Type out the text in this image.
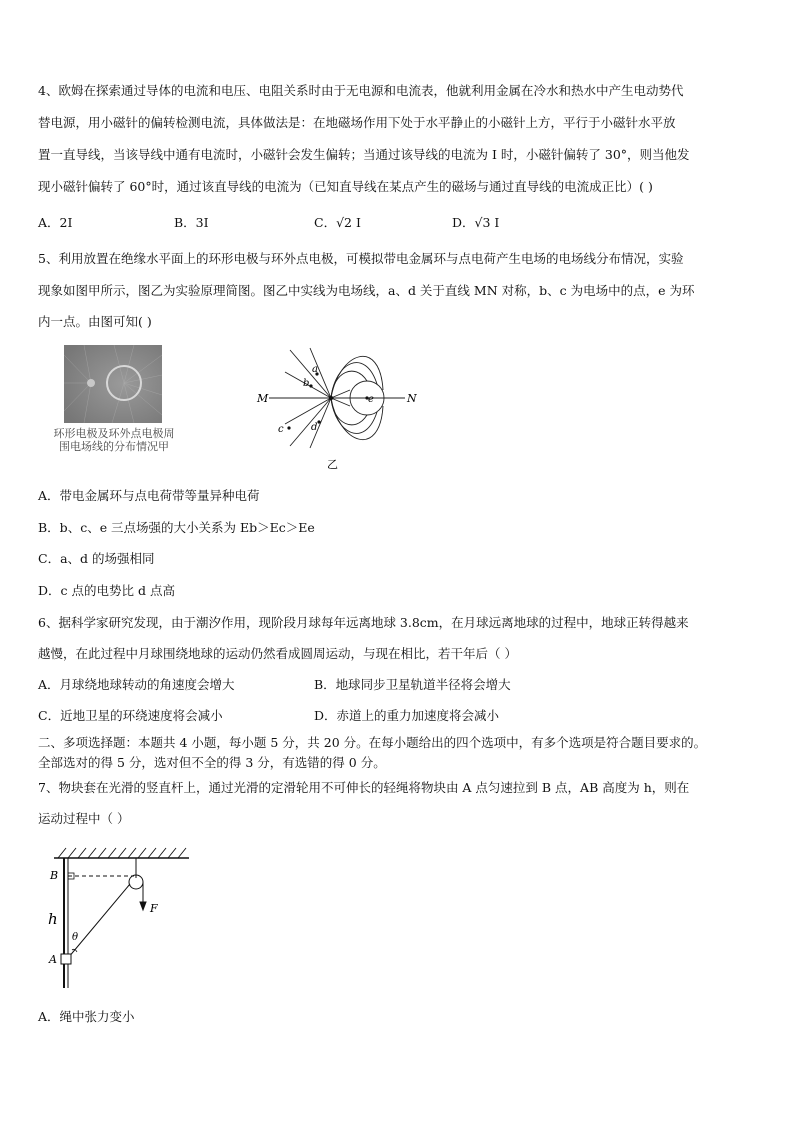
4、欧姆在探索通过导体的电流和电压、电阻关系时由于无电源和电流表，他就利用金属在冷水和热水中产生电动势代
替电源，用小磁针的偏转检测电流，具体做法是：在地磁场作用下处于水平静止的小磁针上方，平行于小磁针水平放
置一直导线，当该导线中通有电流时，小磁针会发生偏转；当通过该导线的电流为 I 时，小磁针偏转了 30°，则当他发
现小磁针偏转了 60°时，通过该直导线的电流为（已知直导线在某点产生的磁场与通过直导线的电流成正比）( )
A．2I	B．3I	C．√2 I	D．√3 I
5、利用放置在绝缘水平面上的环形电极与环外点电极，可模拟带电金属环与点电荷产生电场的电场线分布情况，实验
现象如图甲所示，图乙为实验原理简图。图乙中实线为电场线，a、d 关于直线 MN 对称，b、c 为电场中的点，e 为环
内一点。由图可知( )
环形电极及环外点电极周围电场线的分布情况甲
M	N
a
b
c	d
e
乙
A．带电金属环与点电荷带等量异种电荷
B．b、c、e 三点场强的大小关系为 Eb＞Ec＞Ee
C．a、d 的场强相同
D．c 点的电势比 d 点高
6、据科学家研究发现，由于潮汐作用，现阶段月球每年远离地球 3.8cm，在月球远离地球的过程中，地球正转得越来
越慢，在此过程中月球围绕地球的运动仍然看成圆周运动，与现在相比，若干年后（ ）
A．月球绕地球转动的角速度会增大	B．地球同步卫星轨道半径将会增大
C．近地卫星的环绕速度将会减小	D．赤道上的重力加速度将会减小
二、多项选择题：本题共 4 小题，每小题 5 分，共 20 分。在每小题给出的四个选项中，有多个选项是符合题目要求的。
全部选对的得 5 分，选对但不全的得 3 分，有选错的得 0 分。
7、物块套在光滑的竖直杆上，通过光滑的定滑轮用不可伸长的轻绳将物块由 A 点匀速拉到 B 点，AB 高度为 h，则在
运动过程中（ ）
B
A
h
θ
F
A．绳中张力变小
